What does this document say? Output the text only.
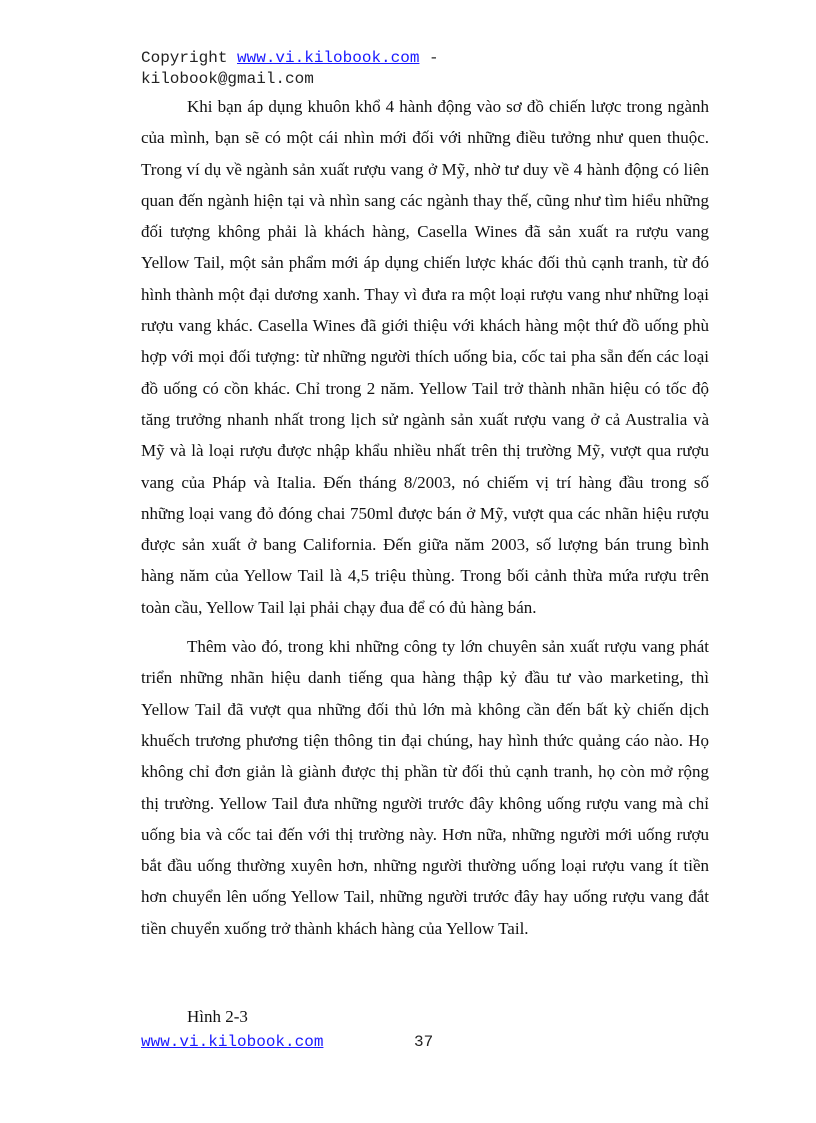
Copyright www.vi.kilobook.com -
kilobook@gmail.com

Khi bạn áp dụng khuôn khổ 4 hành động vào sơ đồ chiến lược trong ngành của mình, bạn sẽ có một cái nhìn mới đối với những điều tưởng như quen thuộc. Trong ví dụ về ngành sản xuất rượu vang ở Mỹ, nhờ tư duy về 4 hành động có liên quan đến ngành hiện tại và nhìn sang các ngành thay thế, cũng như tìm hiểu những đối tượng không phải là khách hàng, Casella Wines đã sản xuất ra rượu vang Yellow Tail, một sản phẩm mới áp dụng chiến lược khác đối thủ cạnh tranh, từ đó hình thành một đại dương xanh. Thay vì đưa ra một loại rượu vang như những loại rượu vang khác. Casella Wines đã giới thiệu với khách hàng một thứ đồ uống phù hợp với mọi đối tượng: từ những người thích uống bia, cốc tai pha sẵn đến các loại đồ uống có cồn khác. Chỉ trong 2 năm. Yellow Tail trở thành nhãn hiệu có tốc độ tăng trưởng nhanh nhất trong lịch sử ngành sản xuất rượu vang ở cả Australia và Mỹ và là loại rượu được nhập khẩu nhiều nhất trên thị trường Mỹ, vượt qua rượu vang của Pháp và Italia. Đến tháng 8/2003, nó chiếm vị trí hàng đầu trong số những loại vang đỏ đóng chai 750ml được bán ở Mỹ, vượt qua các nhãn hiệu rượu được sản xuất ở bang California. Đến giữa năm 2003, số lượng bán trung bình hàng năm của Yellow Tail là 4,5 triệu thùng. Trong bối cảnh thừa mứa rượu trên toàn cầu, Yellow Tail lại phải chạy đua để có đủ hàng bán.

Thêm vào đó, trong khi những công ty lớn chuyên sản xuất rượu vang phát triển những nhãn hiệu danh tiếng qua hàng thập kỷ đầu tư vào marketing, thì Yellow Tail đã vượt qua những đối thủ lớn mà không cần đến bất kỳ chiến dịch khuếch trương phương tiện thông tin đại chúng, hay hình thức quảng cáo nào. Họ không chỉ đơn giản là giành được thị phần từ đối thủ cạnh tranh, họ còn mở rộng thị trường. Yellow Tail đưa những người trước đây không uống rượu vang mà chỉ uống bia và cốc tai đến với thị trường này. Hơn nữa, những người mới uống rượu bắt đầu uống thường xuyên hơn, những người thường uống loại rượu vang ít tiền hơn chuyển lên uống Yellow Tail, những người trước đây hay uống rượu vang đắt tiền chuyển xuống trở thành khách hàng của Yellow Tail.

Hình 2-3
www.vi.kilobook.com	37
